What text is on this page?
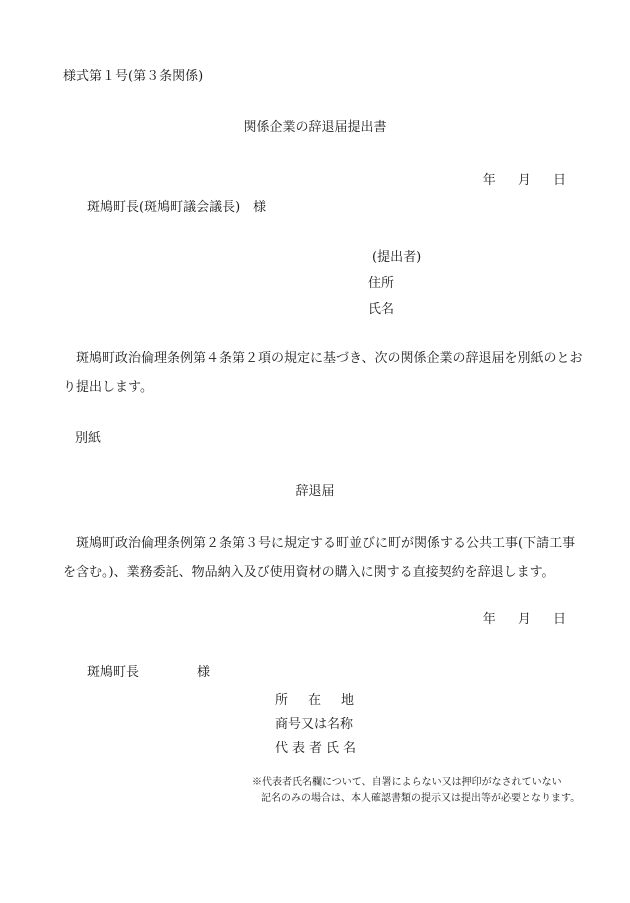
様式第１号(第３条関係)
関係企業の辞退届提出書
年 月 日
斑鳩町長(斑鳩町議会議長)　様
(提出者)
住所
氏名
斑鳩町政治倫理条例第４条第２項の規定に基づき、次の関係企業の辞退届を別紙のとおり提出します。
別紙
辞退届
斑鳩町政治倫理条例第２条第３号に規定する町並びに町が関係する公共工事(下請工事を含む。)、業務委託、物品納入及び使用資材の購入に関する直接契約を辞退します。
年 月 日
斑鳩町長	様
所在地
商号又は名称
代表者氏名
※代表者氏名欄について、自署によらない又は押印がなされていない
記名のみの場合は、本人確認書類の提示又は提出等が必要となります。
